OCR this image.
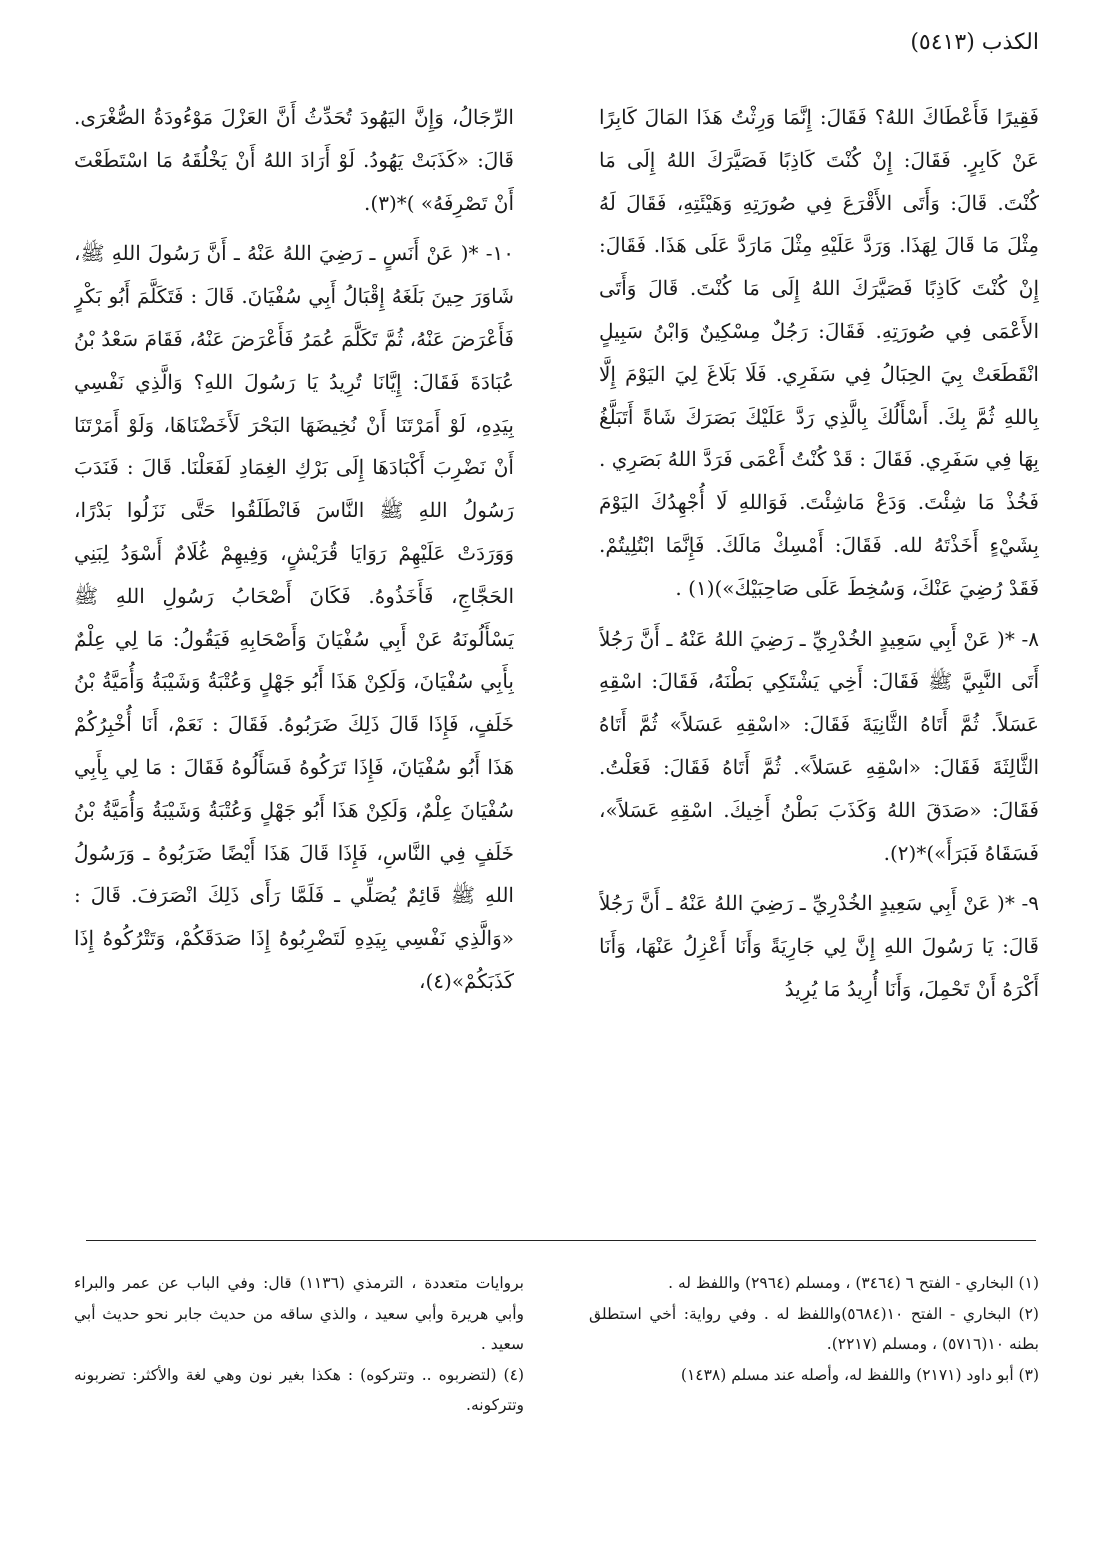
الكذب (٥٤١٣)

فَقِيرًا فَأَعْطَاكَ اللهُ؟ فَقَالَ: إِنَّمَا وَرِثْتُ هَذَا المَالَ كَابِرًا عَنْ كَابِرٍ. فَقَالَ: إِنْ كُنْتَ كَاذِبًا فَصَيَّرَكَ اللهُ إِلَى مَا كُنْتَ. قَالَ: وَأَتَى الأَقْرَعَ فِي صُورَتِهِ وَهَيْئَتِهِ، فَقَالَ لَهُ مِثْلَ مَا قَالَ لِهَذَا. وَرَدَّ عَلَيْهِ مِثْلَ مَارَدَّ عَلَى هَذَا. فَقَالَ: إِنْ كُنْتَ كَاذِبًا فَصَيَّرَكَ اللهُ إِلَى مَا كُنْتَ. قَالَ وَأَتَى الأَعْمَى فِي صُورَتِهِ. فَقَالَ: رَجُلٌ مِسْكِينٌ وَابْنُ سَبِيلٍ انْقَطَعَتْ بِيَ الحِبَالُ فِي سَفَرِي. فَلَا بَلَاغَ لِيَ اليَوْمَ إِلَّا بِاللهِ ثُمَّ بِكَ. أَسْأَلُكَ بِالَّذِي رَدَّ عَلَيْكَ بَصَرَكَ شَاةً أَتَبَلَّغُ بِهَا فِي سَفَرِي. فَقَالَ : قَدْ كُنْتُ أَعْمَى فَرَدَّ اللهُ بَصَرِي . فَخُذْ مَا شِئْتَ. وَدَعْ مَاشِئْتَ. فَوَاللهِ لَا أُجْهِدُكَ اليَوْمَ بِشَيْءٍ أَخَذْتَهُ لله. فَقَالَ: أَمْسِكْ مَالَكَ. فَإِنَّمَا ابْتُلِيتُمْ. فَقَدْ رُضِيَ عَنْكَ، وَسُخِطَ عَلَى صَاحِبَيْكَ»)(١) .

٨- *( عَنْ أَبِي سَعِيدٍ الخُدْرِيِّ ـ رَضِيَ اللهُ عَنْهُ ـ أَنَّ رَجُلاً أَتَى النَّبِيَّ ﷺ فَقَالَ: أَخِي يَشْتَكِي بَطْنَهُ، فَقَالَ: اسْقِهِ عَسَلاً. ثُمَّ أَتَاهُ الثَّانِيَةَ فَقَالَ: «اسْقِهِ عَسَلاً» ثُمَّ أَتَاهُ الثَّالِثَةَ فَقَالَ: «اسْقِهِ عَسَلاً». ثُمَّ أَتَاهُ فَقَالَ: فَعَلْتُ. فَقَالَ: «صَدَقَ اللهُ وَكَذَبَ بَطْنُ أَخِيكَ. اسْقِهِ عَسَلاً»، فَسَقَاهُ فَبَرَأَ»)*(٢).

٩- *( عَنْ أَبِي سَعِيدٍ الخُدْرِيِّ ـ رَضِيَ اللهُ عَنْهُ ـ أَنَّ رَجُلاً قَالَ: يَا رَسُولَ اللهِ إِنَّ لِي جَارِيَةً وَأَنَا أَعْزِلُ عَنْهَا، وَأَنَا أَكْرَهُ أَنْ تَحْمِلَ، وَأَنَا أُرِيدُ مَا يُرِيدُ

الرِّجَالُ، وَإِنَّ اليَهُودَ تُحَدِّثُ أَنَّ العَزْلَ مَوْءُودَةُ الصُّغْرَى. قَالَ: «كَذَبَتْ يَهُودُ. لَوْ أَرَادَ اللهُ أَنْ يَخْلُقَهُ مَا اسْتَطَعْتَ أَنْ تَصْرِفَهُ» )*(٣).

١٠- *( عَنْ أَنَسٍ ـ رَضِيَ اللهُ عَنْهُ ـ أَنَّ رَسُولَ اللهِ ﷺ، شَاوَرَ حِينَ بَلَغَهُ إِقْبَالُ أَبِي سُفْيَانَ. قَالَ : فَتَكَلَّمَ أَبُو بَكْرٍ فَأَعْرَضَ عَنْهُ، ثُمَّ تَكَلَّمَ عُمَرُ فَأَعْرَضَ عَنْهُ، فَقَامَ سَعْدُ بْنُ عُبَادَةَ فَقَالَ: إِيَّانَا تُرِيدُ يَا رَسُولَ اللهِ؟ وَالَّذِي نَفْسِي بِيَدِهِ، لَوْ أَمَرْتَنَا أَنْ نُخِيضَهَا البَحْرَ لَأَخَضْنَاهَا، وَلَوْ أَمَرْتَنَا أَنْ نَضْرِبَ أَكْبَادَهَا إِلَى بَرْكِ الغِمَادِ لَفَعَلْنَا. قَالَ : فَنَدَبَ رَسُولُ اللهِ ﷺ النَّاسَ فَانْطَلَقُوا حَتَّى نَزَلُوا بَدْرًا، وَوَرَدَتْ عَلَيْهِمْ رَوَايَا قُرَيْشٍ، وَفِيهِمْ غُلَامٌ أَسْوَدُ لِبَنِي الحَجَّاجِ، فَأَخَذُوهُ. فَكَانَ أَصْحَابُ رَسُولِ اللهِ ﷺ يَسْأَلُونَهُ عَنْ أَبِي سُفْيَانَ وَأَصْحَابِهِ فَيَقُولُ: مَا لِي عِلْمٌ بِأَبِي سُفْيَانَ، وَلَكِنْ هَذَا أَبُو جَهْلٍ وَعُتْبَةُ وَشَيْبَةُ وَأُمَيَّةُ بْنُ خَلَفٍ، فَإِذَا قَالَ ذَلِكَ ضَرَبُوهُ. فَقَالَ : نَعَمْ، أَنَا أُخْبِرُكُمْ هَذَا أَبُو سُفْيَانَ، فَإِذَا تَرَكُوهُ فَسَأَلُوهُ فَقَالَ : مَا لِي بِأَبِي سُفْيَانَ عِلْمٌ، وَلَكِنْ هَذَا أَبُو جَهْلٍ وَعُتْبَةُ وَشَيْبَةُ وَأُمَيَّةُ بْنُ خَلَفٍ فِي النَّاسِ، فَإِذَا قَالَ هَذَا أَيْضًا ضَرَبُوهُ ـ وَرَسُولُ اللهِ ﷺ قَائِمٌ يُصَلِّي ـ فَلَمَّا رَأَى ذَلِكَ انْصَرَفَ. قَالَ : «وَالَّذِي نَفْسِي بِيَدِهِ لَتَضْرِبُوهُ إِذَا صَدَقَكُمْ، وَتَتْرُكُوهُ إِذَا كَذَبَكُمْ»(٤)،

(١) البخاري - الفتح ٦ (٣٤٦٤) ، ومسلم (٢٩٦٤) واللفظ له .
(٢) البخاري - الفتح ١٠(٥٦٨٤)واللفظ له . وفي رواية: أخي استطلق بطنه ١٠(٥٧١٦) ، ومسلم (٢٢١٧).
(٣) أبو داود (٢١٧١) واللفظ له، وأصله عند مسلم (١٤٣٨)
بروايات متعددة ، الترمذي (١١٣٦) قال: وفي الباب عن عمر والبراء وأبي هريرة وأبي سعيد ، والذي ساقه من حديث جابر نحو حديث أبي سعيد .
(٤) (لتضربوه .. وتتركوه) : هكذا بغير نون وهي لغة والأكثر: تضربونه وتتركونه.
